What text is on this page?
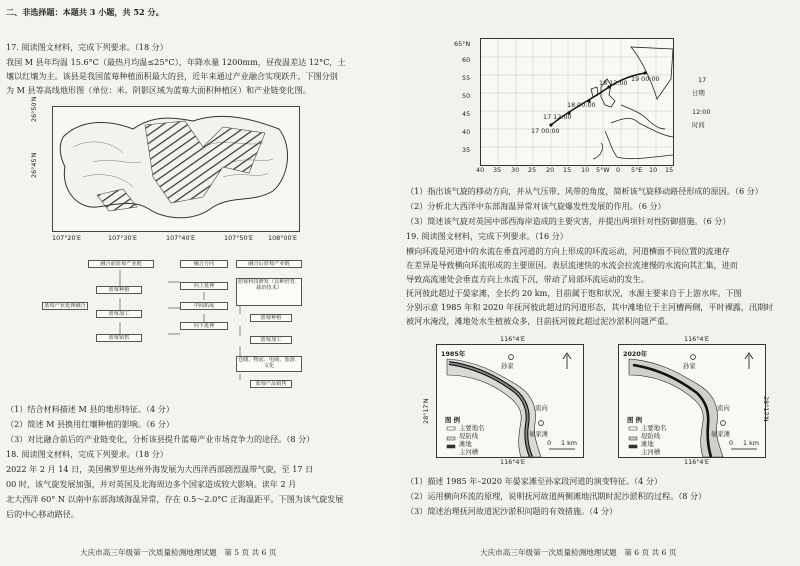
二、非选择题：本题共 3 小题，共 52 分。
17. 阅读图文材料，完成下列要求。（18 分）
我国 M 县年均温 15.6°C（最热月均温≤25°C），年降水量 1200mm，昼夜温差达 12°C，土
壤以红壤为主。该县是我国蓝莓种植面积最大的县，近年来通过产业融合实现跃升。下图分别
为 M 县等高线地形图（单位：米。阴影区域为蓝莓大面积种植区）和产业链变化图。
26°50′N
26°45′N
107°20′E	107°30′E	107°40′E	107°50′E 108°00′E
融合前蓝莓产业链	融合方向	融合后蓝莓产业链
蓝莓种植
蓝莓加工
蓝莓销售
蓝莓产业延伸融合
向上延伸
中间拓展
向下延伸
蓝莓科技研发（良种培育、栽培技术）
蓝莓种植
蓝莓加工
仓储、物流、电商、旅游、文化
蓝莓产品销售
（1）结合材料描述 M 县的地形特征。（4 分）
（2）简述 M 县换用红壤种植的影响。（6 分）
（3）对比融合前后的产业链变化，分析该县提升蓝莓产业市场竞争力的途径。（8 分）
18. 阅读图文材料，完成下列要求。（18 分）
2022 年 2 月 14 日，美国佛罗里达州外海发展为大西洋西部剧烈温带气旋，至 17 日
00 时，该气旋发展加强，并对英国及北海周边多个国家造成较大影响。读年 2 月
北大西洋 60° N 以南中东部海域海温异常，存在 0.5～2.0°C 正海温距平。下图为该气旋发展
后的中心移动路径。
大庆市高三年级第一次质量检测地理试题　第 5 页 共 6 页
17 00:00
17 12:00
18 00:00
18 12:00 19 00:00
65°N
60
55
50
45
40
35
40 35 30 25 20 15 10 5°W 0 5°E 10 15
17
日期
12:00
时间
（1）指出该气旋的移动方向，并从气压带、风带的角度，简析该气旋移动路径形成的原因。（6 分）
（2）分析北大西洋中东部海温异常对该气旋爆发性发展的作用。（6 分）
（3）简述该气旋对英国中部西海岸造成的主要灾害，并提出两项针对性防御措施。（6 分）
19. 阅读图文材料，完成下列要求。（16 分）
横向环流是河道中的水流在垂直河道的方向上形成的环流运动，河道横面不同位置的流速存
在差异是导致横向环流形成的主要原因。表层流速快的水流会拉流速慢的水流向其汇集，进而
导致高流速处会垂直方向上水流下沉，带动了局部环流运动的发生。
抚河彼此超过于晏家滩，全长约 20 km，目前属于饱和状况，水源主要来自于上游水库。下图
分别示意 1985 年和 2020 年抚河彼此超过的河道形态，其中滩地位于主河槽两侧，平时裸露，汛期时
被河水淹没，滩地处水生植被众多，目前抚河彼此超过泥沙淤积问题严重。
1985年
孙家
流向
晏家滩
图 例
主要地名
堤防线
滩地
主河槽
0 1 km
116°4′E
116°4′E
28°17′N
2020年
孙家
流向
晏家滩
图 例
主要地名
堤防线
滩地
主河槽
0 1 km
116°4′E
116°4′E
28°17′N
（1）描述 1985 年–2020 年晏家滩至孙家段河道的演变特征。（4 分）
（2）运用横向环流的原理，说明抚河故道两侧滩地汛期时泥沙淤积的过程。（8 分）
（3）简述治理抚河故道泥沙淤积问题的有效措施。（4 分）
大庆市高三年级第一次质量检测地理试题　第 6 页 共 6 页
